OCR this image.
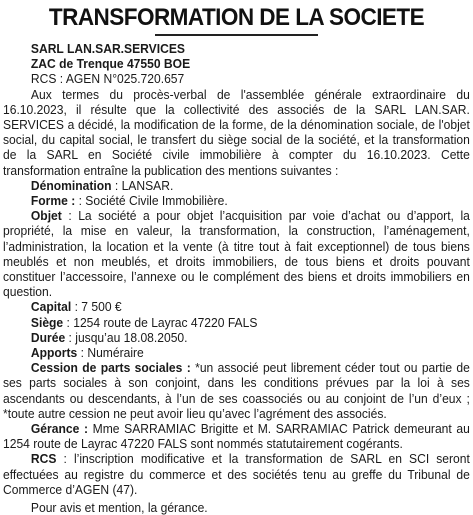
TRANSFORMATION DE LA SOCIETE

SARL LAN.SAR.SERVICES

ZAC de Trenque 47550 BOE

RCS : AGEN N°025.720.657

Aux termes du procès-verbal de l'assemblée générale extraordinaire du 16.10.2023, il résulte que la collectivité des associés de la SARL LAN.SAR. SERVICES a décidé, la modification de la forme, de la dénomination sociale, de l'objet social, du capital social, le transfert du siège social de la société, et la transformation de la SARL en Société civile immobilière à compter du 16.10.2023. Cette transformation entraîne la publication des mentions suivantes :

Dénomination : LANSAR.

Forme : : Société Civile Immobilière.

Objet : La société a pour objet l’acquisition par voie d’achat ou d’apport, la propriété, la mise en valeur, la transformation, la construction, l’aménagement, l’administration, la location et la vente (à titre tout à fait exceptionnel) de tous biens meublés et non meublés, et droits immobiliers, de tous biens et droits pouvant constituer l’accessoire, l’annexe ou le complément des biens et droits immobiliers en question.

Capital : 7 500 €

Siège : 1254 route de Layrac 47220 FALS

Durée : jusqu’au 18.08.2050.

Apports : Numéraire

Cession de parts sociales : *un associé peut librement céder tout ou partie de ses parts sociales à son conjoint, dans les conditions prévues par la loi à ses ascendants ou descendants, à l’un de ses coassociés ou au conjoint de l’un d’eux ; *toute autre cession ne peut avoir lieu qu’avec l’agrément des associés.

Gérance : Mme SARRAMIAC Brigitte et M. SARRAMIAC Patrick demeurant au 1254 route de Layrac 47220 FALS sont nommés statutairement cogérants.

RCS : l’inscription modificative et la transformation de SARL en SCI seront effectuées au registre du commerce et des sociétés tenu au greffe du Tribunal de Commerce d’AGEN (47).

Pour avis et mention, la gérance.
